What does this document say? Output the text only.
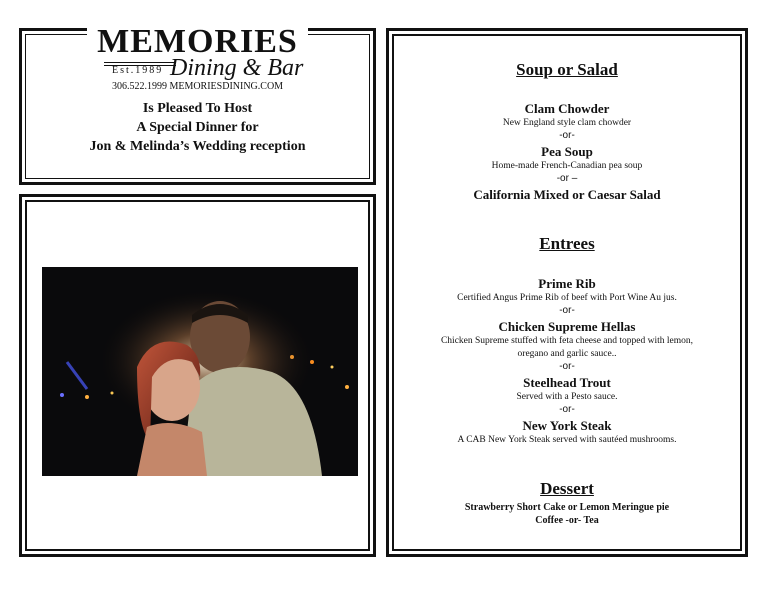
MEMORIES
Est.1989 Dining & Bar
306.522.1999 MEMORIESDINING.COM
Is Pleased To Host
A Special Dinner for
Jon & Melinda’s Wedding reception
Soup or Salad
Clam Chowder
New England style clam chowder
-or-
Pea Soup
Home-made French-Canadian pea soup
-or –
California Mixed or Caesar Salad
Entrees
Prime Rib
Certified Angus Prime Rib of beef with Port Wine Au jus.
-or-
Chicken Supreme Hellas
Chicken Supreme stuffed with feta cheese and topped with lemon,
oregano and garlic sauce..
-or-
Steelhead Trout
Served with a Pesto sauce.
-or-
New York Steak
A CAB New York Steak served with sautéed mushrooms.
Dessert
Strawberry Short Cake or Lemon Meringue pie
Coffee -or- Tea
